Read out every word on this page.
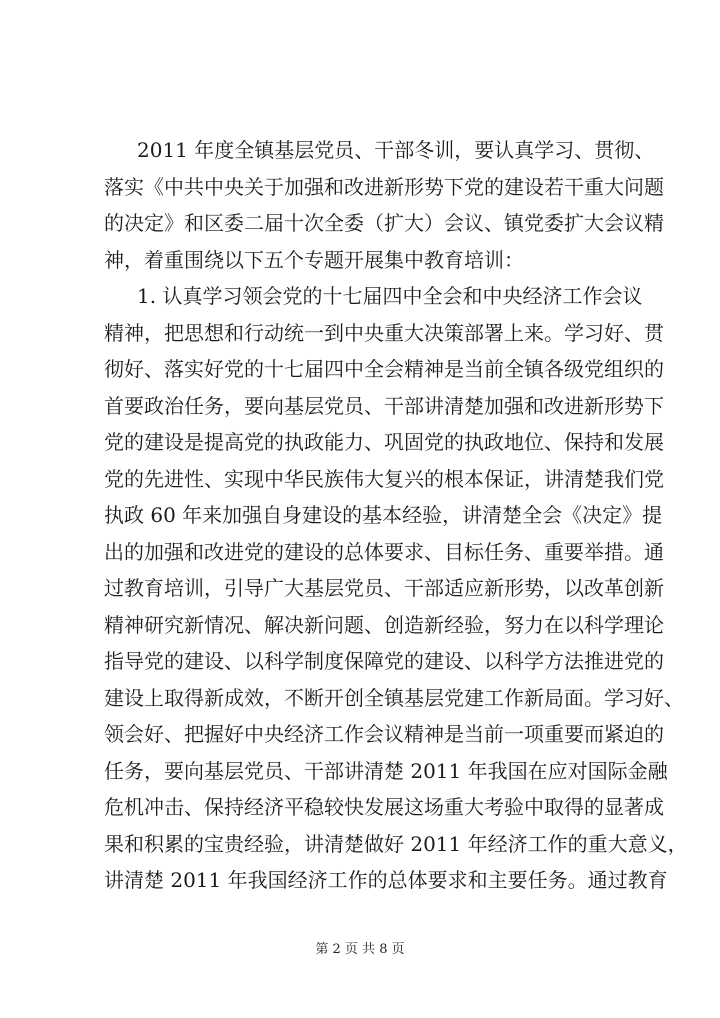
2011 年度全镇基层党员、干部冬训，要认真学习、贯彻、
落实《中共中央关于加强和改进新形势下党的建设若干重大问题
的决定》和区委二届十次全委（扩大）会议、镇党委扩大会议精
神，着重围绕以下五个专题开展集中教育培训：
1. 认真学习领会党的十七届四中全会和中央经济工作会议
精神，把思想和行动统一到中央重大决策部署上来。学习好、贯
彻好、落实好党的十七届四中全会精神是当前全镇各级党组织的
首要政治任务，要向基层党员、干部讲清楚加强和改进新形势下
党的建设是提高党的执政能力、巩固党的执政地位、保持和发展
党的先进性、实现中华民族伟大复兴的根本保证，讲清楚我们党
执政 60 年来加强自身建设的基本经验，讲清楚全会《决定》提
出的加强和改进党的建设的总体要求、目标任务、重要举措。通
过教育培训，引导广大基层党员、干部适应新形势，以改革创新
精神研究新情况、解决新问题、创造新经验，努力在以科学理论
指导党的建设、以科学制度保障党的建设、以科学方法推进党的
建设上取得新成效，不断开创全镇基层党建工作新局面。学习好、
领会好、把握好中央经济工作会议精神是当前一项重要而紧迫的
任务，要向基层党员、干部讲清楚 2011 年我国在应对国际金融
危机冲击、保持经济平稳较快发展这场重大考验中取得的显著成
果和积累的宝贵经验，讲清楚做好 2011 年经济工作的重大意义，
讲清楚 2011 年我国经济工作的总体要求和主要任务。通过教育
第 2 页 共 8 页
